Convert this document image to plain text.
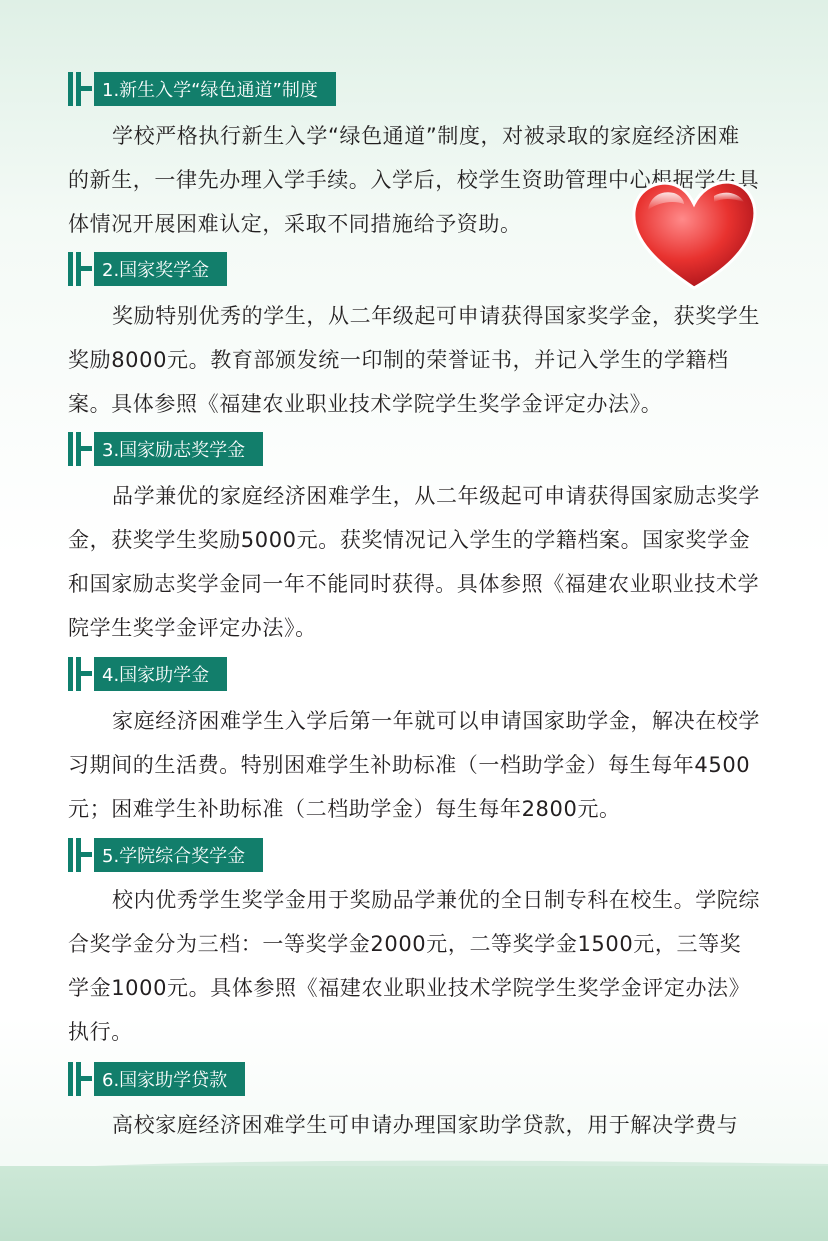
1.新生入学“绿色通道”制度

学校严格执行新生入学“绿色通道”制度，对被录取的家庭经济困难的新生，一律先办理入学手续。入学后，校学生资助管理中心根据学生具体情况开展困难认定，采取不同措施给予资助。

2.国家奖学金

奖励特别优秀的学生，从二年级起可申请获得国家奖学金，获奖学生奖励8000元。教育部颁发统一印制的荣誉证书，并记入学生的学籍档案。具体参照《福建农业职业技术学院学生奖学金评定办法》。

3.国家励志奖学金

品学兼优的家庭经济困难学生，从二年级起可申请获得国家励志奖学金，获奖学生奖励5000元。获奖情况记入学生的学籍档案。国家奖学金和国家励志奖学金同一年不能同时获得。具体参照《福建农业职业技术学院学生奖学金评定办法》。

4.国家助学金

家庭经济困难学生入学后第一年就可以申请国家助学金，解决在校学习期间的生活费。特别困难学生补助标准（一档助学金）每生每年4500元；困难学生补助标准（二档助学金）每生每年2800元。

5.学院综合奖学金

校内优秀学生奖学金用于奖励品学兼优的全日制专科在校生。学院综合奖学金分为三档：一等奖学金2000元，二等奖学金1500元，三等奖学金1000元。具体参照《福建农业职业技术学院学生奖学金评定办法》执行。

6.国家助学贷款

高校家庭经济困难学生可申请办理国家助学贷款，用于解决学费与
